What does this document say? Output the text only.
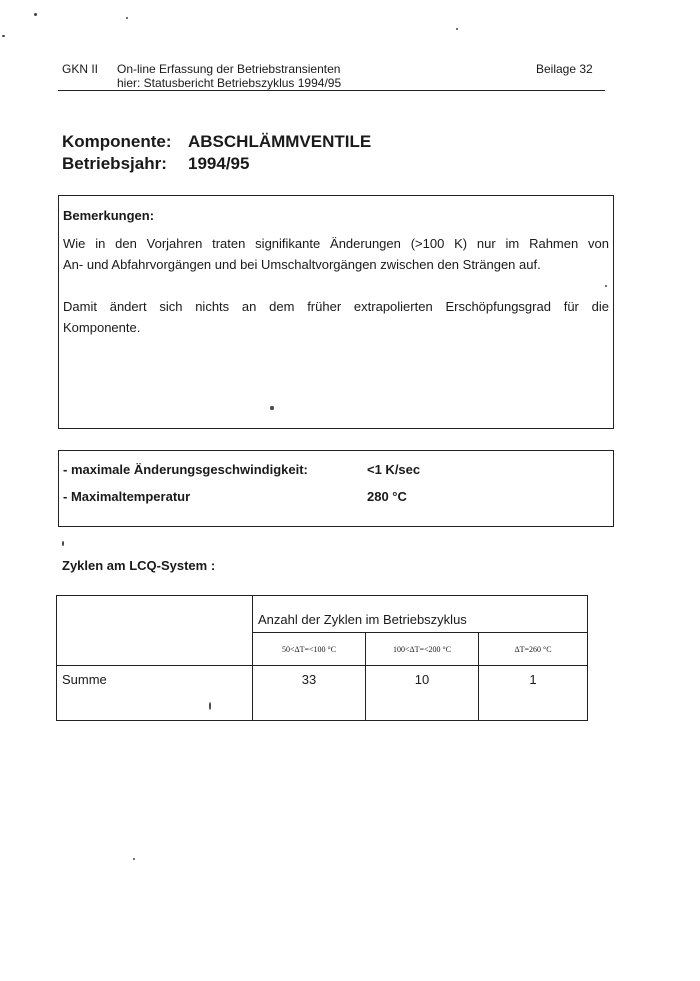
GKN II On-line Erfassung der Betriebstransienten
hier: Statusbericht Betriebszyklus 1994/95
Beilage 32
Komponente: ABSCHLÄMMVENTILE
Betriebsjahr: 1994/95
Bemerkungen:
Wie in den Vorjahren traten signifikante Änderungen (>100 K) nur im Rahmen von
An- und Abfahrvorgängen und bei Umschaltvorgängen zwischen den Strängen auf.
Damit ändert sich nichts an dem früher extrapolierten Erschöpfungsgrad für die
Komponente.
- maximale Änderungsgeschwindigkeit:	<1 K/sec
- Maximaltemperatur	280 °C
Zyklen am LCQ-System :

	Anzahl der Zyklen im Betriebszyklus		

	50<ΔT=<100 °C	100<ΔT=<200 °C	ΔT=260 °C

Summe	33	10	1
